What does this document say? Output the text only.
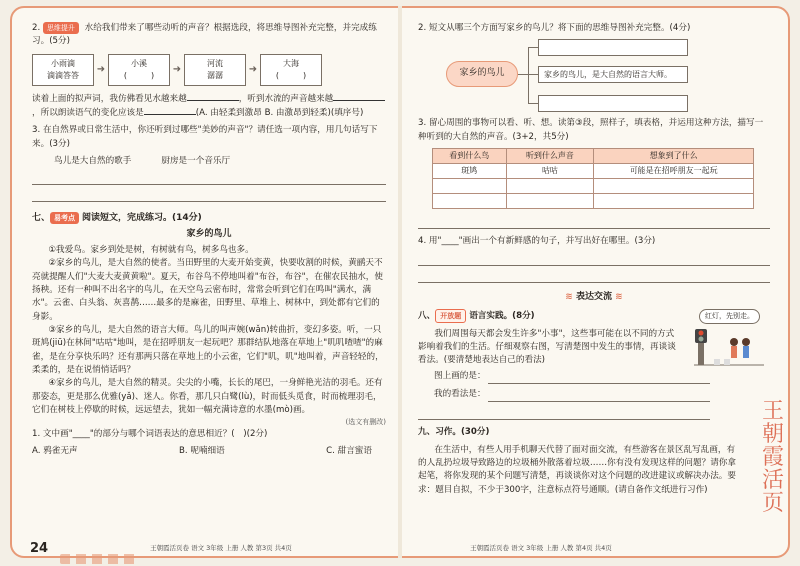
2. 思维提升 水给我们带来了哪些动听的声音？根据选段，将思维导图补充完整，并完成练习。(5分)
小雨滴
滴滴答答
➜	小溪
(　　　)
➜	河流
潺潺
➜	大海
(　　　)
读着上面的拟声词，我仿佛看见水越来越	，听到水流的声音越来越，所以朗读语气的变化应该是	(A. 由轻柔到激昂 B. 由激昂到轻柔)(填序号)
3. 在自然界或日常生活中，你还听到过哪些"美妙的声音"？请任选一项内容，用几句话写下来。(3分)
鸟儿是大自然的歌手	厨房是一个音乐厅
七、 易考点 阅读短文，完成练习。(14分)
家乡的鸟儿
①我爱鸟。家乡到处是树，有树就有鸟，树多鸟也多。
②家乡的鸟儿，是大自然的使者。当田野里的大麦开始变黄，快要收割的时候，黄鹂天不亮就提醒人们"大麦大麦黄黄啦"。夏天，布谷鸟不停地叫着"布谷，布谷"，在催农民抽水，使扬秧。还有一种叫不出名字的鸟儿，在天空鸟云密布时，常常会听到它们在鸣叫"满水，满水"。云雀、白头翁、灰喜鹊……最多的是麻雀，田野里、草堆上、树林中，到处都有它们的身影。
③家乡的鸟儿，是大自然的语言大师。鸟儿的叫声婉(wǎn)转曲折，变幻多姿。听，一只斑鸠(jiū)在林间"咕咕"地叫，是在招呼朋友一起玩吧？那群结队地落在草地上"叽叽喳喳"的麻雀，是在分享快乐吗？还有那两只落在草地上的小云雀，它们"叽，叽"地叫着，声音轻轻的，柔柔的，是在说悄悄话吗？
④家乡的鸟儿，是大自然的精灵。尖尖的小嘴，长长的尾巴，一身鲜艳光洁的羽毛。还有那姿态，更是那么优雅(yǎ)、迷人。你看，那几只白鹭(lù)，时而低头觅食，时而梳理羽毛，它们在树枝上停歇的时候，远远望去，犹如一幅充满诗意的水墨(mò)画。
(选文有删改)
1. 文中画"____"的部分与哪个词语表达的意思相近？(　)(2分)
A. 鸦雀无声	B. 呢喃细语	C. 甜言蜜语
24	王朝霞活页卷 语文 3年级 上册 人教 第3页 共4页
2. 短文从哪三个方面写家乡的鸟儿？将下面的思维导图补充完整。(4分)
家乡的鸟儿	家乡的鸟儿，是大自然的语言大师。
3. 留心周围的事物可以看、听、想。读第③段，照样子，填表格，并运用这种方法，描写一种听到的大自然的声音。(3+2，共5分)
看到什么鸟	听到什么声音	想象到了什么
斑鸠	咕咕	可能是在招呼朋友一起玩

4. 用"____"画出一个有新鲜感的句子，并写出好在哪里。(3分)
≋ 表达交流 ≋
八、 开放题 语言实践。(8分)
我们周围每天都会发生许多"小事"，这些事可能在以不同的方式影响着我们的生活。仔细观察右图，写清楚图中发生的事情，再谈谈看法。(要清楚地表达自己的看法)
红灯，先别走。
图上画的是：
我的看法是：
九、习作。(30分)
在生活中，有些人用手机聊天代替了面对面交流，有些游客在景区乱写乱画，有的人乱扔垃圾导致路边的垃圾桶外散落着垃圾……你有没有发现这样的问题？请你拿起笔，将你发现的某个问题写清楚，再谈谈你对这个问题的改进建议或解决办法。要求：题目自拟，不少于300字，注意标点符号通顺。(请自备作文纸进行习作)
王朝霞活页卷 语文 3年级 上册 人教 第4页 共4页
王朝霞活页
